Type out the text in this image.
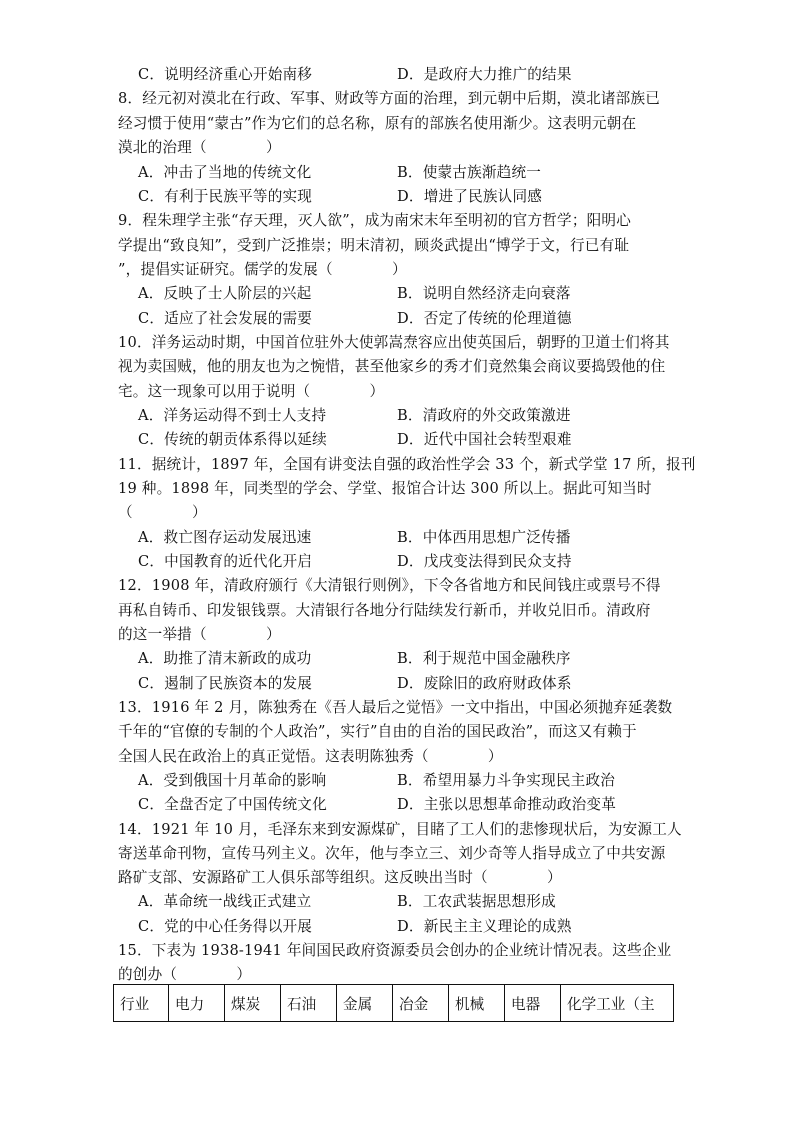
C．说明经济重心开始南移	D．是政府大力推广的结果
8．经元初对漠北在行政、军事、财政等方面的治理，到元朝中后期，漠北诸部族已
经习惯于使用“蒙古”作为它们的总名称，原有的部族名使用渐少。这表明元朝在
漠北的治理（　　　　）
A．冲击了当地的传统文化	B．使蒙古族渐趋统一
C．有利于民族平等的实现	D．增进了民族认同感
9．程朱理学主张“存天理，灭人欲”，成为南宋末年至明初的官方哲学；阳明心
学提出“致良知”，受到广泛推崇；明末清初，顾炎武提出“博学于文，行已有耻
”，提倡实证研究。儒学的发展（　　　　）
A．反映了士人阶层的兴起	B．说明自然经济走向衰落
C．适应了社会发展的需要	D．否定了传统的伦理道德
10．洋务运动时期，中国首位驻外大使郭嵩焘容应出使英国后，朝野的卫道士们将其
视为卖国贼，他的朋友也为之惋惜，甚至他家乡的秀才们竟然集会商议要捣毁他的住
宅。这一现象可以用于说明（　　　　）
A．洋务运动得不到士人支持	B．清政府的外交政策激进
C．传统的朝贡体系得以延续	D．近代中国社会转型艰难
11．据统计，1897 年，全国有讲变法自强的政治性学会 33 个，新式学堂 17 所，报刊
19 种。1898 年，同类型的学会、学堂、报馆合计达 300 所以上。据此可知当时
（　　　　）
A．救亡图存运动发展迅速	B．中体西用思想广泛传播
C．中国教育的近代化开启	D．戊戌变法得到民众支持
12．1908 年，清政府颁行《大清银行则例》，下令各省地方和民间钱庄或票号不得
再私自铸币、印发银钱票。大清银行各地分行陆续发行新币，并收兑旧币。清政府
的这一举措（　　　　）
A．助推了清末新政的成功	B．利于规范中国金融秩序
C．遏制了民族资本的发展	D．废除旧的政府财政体系
13．1916 年 2 月，陈独秀在《吾人最后之觉悟》一文中指出，中国必须抛弃延袭数
千年的“官僚的专制的个人政治”，实行”自由的自治的国民政治”，而这又有赖于
全国人民在政治上的真正觉悟。这表明陈独秀（　　　　）
A．受到俄国十月革命的影响	B．希望用暴力斗争实现民主政治
C．全盘否定了中国传统文化	D．主张以思想革命推动政治变革
14．1921 年 10 月，毛泽东来到安源煤矿，目睹了工人们的悲惨现状后，为安源工人
寄送革命刊物，宣传马列主义。次年，他与李立三、刘少奇等人指导成立了中共安源
路矿支部、安源路矿工人俱乐部等组织。这反映出当时（　　　　）
A．革命统一战线正式建立	B．工农武装据思想形成
C．党的中心任务得以开展	D．新民主主义理论的成熟
15．下表为 1938-1941 年间国民政府资源委员会创办的企业统计情况表。这些企业
的创办（　　　　）
行业	电力	煤炭	石油	金属	冶金	机械	电器	化学工业（主
